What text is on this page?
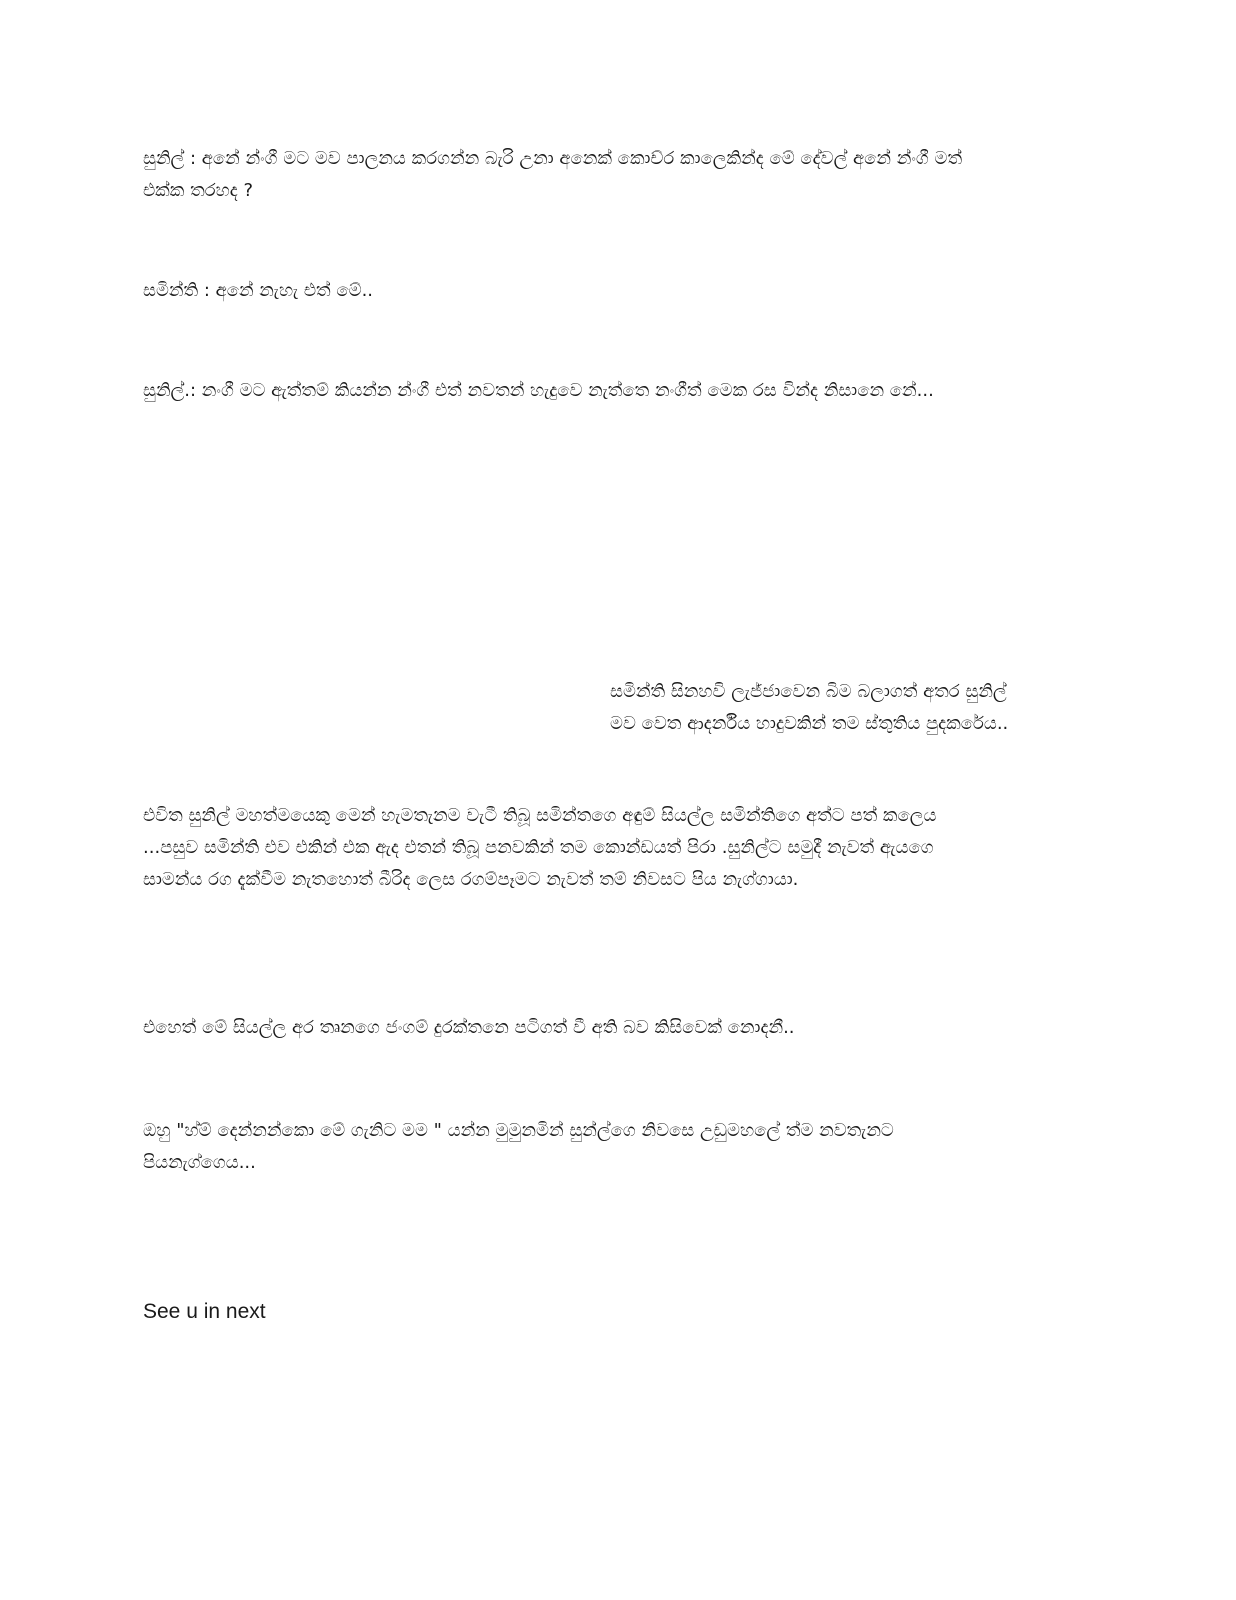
සුනිල් : අනේ න්ංගී මට මව පාලනය කරගන්න බැරි උනා අනෙක් කොච්ර කාලෙකින්ද මේ දේවල් අනේ න්ංගී මත්
එක්ක තරහද ?

සමින්ති : අනේ නැහැ එත් මේ..

සුනිල්.: නංගී මට ඇත්තම් කියන්න න්ංගී එත් නවතන් හැදුවෙ නැත්තෙ නංගීත් මෙක රස වින්ද නිසානෙ නේ...

සමින්ති සිනහවි ලැජ්ජාවෙන බිම බලාගත් අතර සුනිල්
මව වෙත ආදර්නිය හාදුවකින් තම ස්තුතිය පුදකරේය..

එවිත සුනිල් මහත්මයෙකු මෙන් හැමතැනම වැටී තිබූ සමින්තගෙ අඳුම් සියල්ල සමින්තිගෙ අත්ට පත් කලෙය
...පසුව සමින්ති එව එකින් එක ඇද එතන් තිබූ පනවකින් තම කොන්ඩයත් පිරා .සුනිල්ට සමුදී නැවත් ඇයගෙ
සාමන්ය රග දැක්වීම නැතහොත් බීරිද ලෙස රගම්පෑමට නැවත් තම් නිවසට පිය නැග්ගායා.

එහෙත් මේ සියල්ල අර තෘනගෙ ජංගම් දුරක්තනෙ පටිගත් වී අති බව කිසිවෙක් නොදනී..

ඔහු "හ්ම් දෙන්නන්කො මේ ගැනිට මම " යන්න මුමුනමින් සුන්ල්ගෙ නිවසෙ උඩුමහලේ ත්ම නවතැනට
පියනැග්ගෙය...

See u in next
